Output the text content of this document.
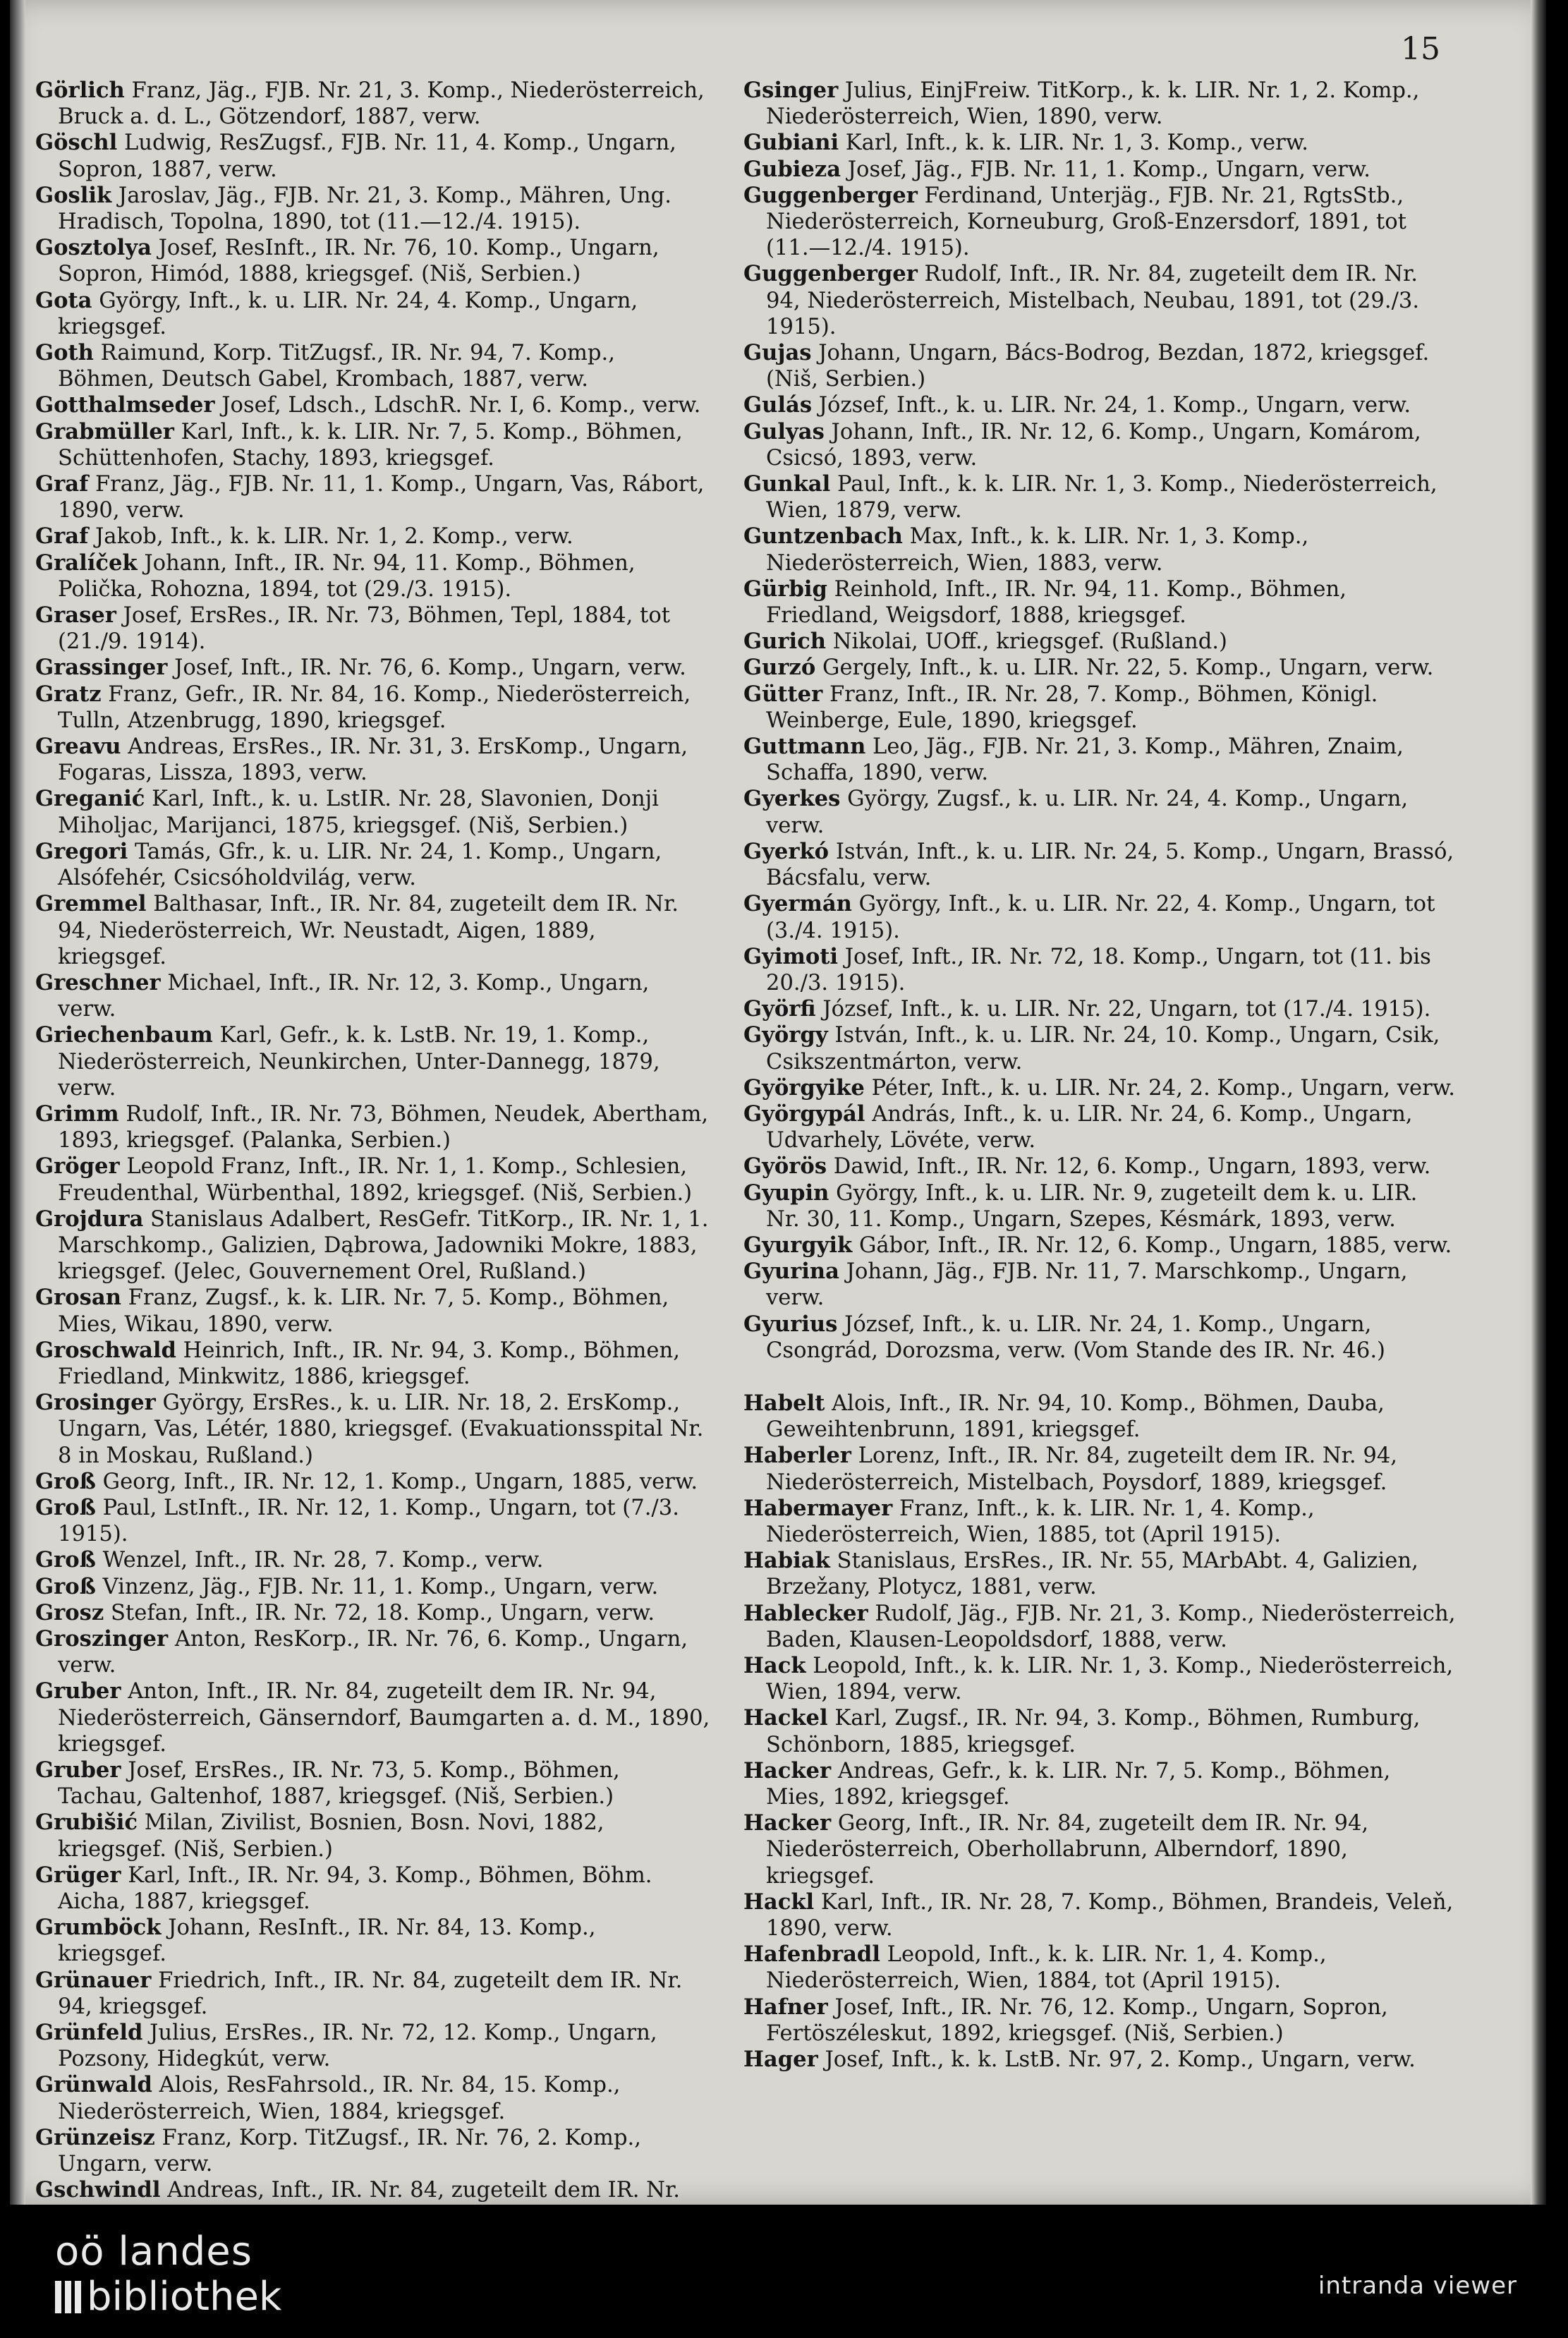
15

Görlich Franz, Jäg., FJB. Nr. 21, 3. Komp., Niederösterreich, Bruck a. d. L., Götzendorf, 1887, verw.

Göschl Ludwig, ResZugsf., FJB. Nr. 11, 4. Komp., Ungarn, Sopron, 1887, verw.

Goslik Jaroslav, Jäg., FJB. Nr. 21, 3. Komp., Mähren, Ung. Hradisch, Topolna, 1890, tot (11.—12./4. 1915).

Gosztolya Josef, ResInft., IR. Nr. 76, 10. Komp., Ungarn, Sopron, Himód, 1888, kriegsgef. (Niš, Serbien.)

Gota György, Inft., k. u. LIR. Nr. 24, 4. Komp., Ungarn, kriegsgef.

Goth Raimund, Korp. TitZugsf., IR. Nr. 94, 7. Komp., Böhmen, Deutsch Gabel, Krombach, 1887, verw.

Gotthalmseder Josef, Ldsch., LdschR. Nr. I, 6. Komp., verw.

Grabmüller Karl, Inft., k. k. LIR. Nr. 7, 5. Komp., Böhmen, Schüttenhofen, Stachy, 1893, kriegsgef.

Graf Franz, Jäg., FJB. Nr. 11, 1. Komp., Ungarn, Vas, Rábort, 1890, verw.

Graf Jakob, Inft., k. k. LIR. Nr. 1, 2. Komp., verw.

Gralíček Johann, Inft., IR. Nr. 94, 11. Komp., Böhmen, Polička, Rohozna, 1894, tot (29./3. 1915).

Graser Josef, ErsRes., IR. Nr. 73, Böhmen, Tepl, 1884, tot (21./9. 1914).

Grassinger Josef, Inft., IR. Nr. 76, 6. Komp., Ungarn, verw.

Gratz Franz, Gefr., IR. Nr. 84, 16. Komp., Niederösterreich, Tulln, Atzenbrugg, 1890, kriegsgef.

Greavu Andreas, ErsRes., IR. Nr. 31, 3. ErsKomp., Ungarn, Fogaras, Lissza, 1893, verw.

Greganić Karl, Inft., k. u. LstIR. Nr. 28, Slavonien, Donji Miholjac, Marijanci, 1875, kriegsgef. (Niš, Serbien.)

Gregori Tamás, Gfr., k. u. LIR. Nr. 24, 1. Komp., Ungarn, Alsófehér, Csicsóholdvilág, verw.

Gremmel Balthasar, Inft., IR. Nr. 84, zugeteilt dem IR. Nr. 94, Niederösterreich, Wr. Neustadt, Aigen, 1889, kriegsgef.

Greschner Michael, Inft., IR. Nr. 12, 3. Komp., Ungarn, verw.

Griechenbaum Karl, Gefr., k. k. LstB. Nr. 19, 1. Komp., Niederösterreich, Neunkirchen, Unter-Dannegg, 1879, verw.

Grimm Rudolf, Inft., IR. Nr. 73, Böhmen, Neudek, Abertham, 1893, kriegsgef. (Palanka, Serbien.)

Gröger Leopold Franz, Inft., IR. Nr. 1, 1. Komp., Schlesien, Freudenthal, Würbenthal, 1892, kriegsgef. (Niš, Serbien.)

Grojdura Stanislaus Adalbert, ResGefr. TitKorp., IR. Nr. 1, 1. Marschkomp., Galizien, Dąbrowa, Jadowniki Mokre, 1883, kriegsgef. (Jelec, Gouvernement Orel, Rußland.)

Grosan Franz, Zugsf., k. k. LIR. Nr. 7, 5. Komp., Böhmen, Mies, Wikau, 1890, verw.

Groschwald Heinrich, Inft., IR. Nr. 94, 3. Komp., Böhmen, Friedland, Minkwitz, 1886, kriegsgef.

Grosinger György, ErsRes., k. u. LIR. Nr. 18, 2. ErsKomp., Ungarn, Vas, Létér, 1880, kriegsgef. (Evakuationsspital Nr. 8 in Moskau, Rußland.)

Groß Georg, Inft., IR. Nr. 12, 1. Komp., Ungarn, 1885, verw.

Groß Paul, LstInft., IR. Nr. 12, 1. Komp., Ungarn, tot (7./3. 1915).

Groß Wenzel, Inft., IR. Nr. 28, 7. Komp., verw.

Groß Vinzenz, Jäg., FJB. Nr. 11, 1. Komp., Ungarn, verw.

Grosz Stefan, Inft., IR. Nr. 72, 18. Komp., Ungarn, verw.

Groszinger Anton, ResKorp., IR. Nr. 76, 6. Komp., Ungarn, verw.

Gruber Anton, Inft., IR. Nr. 84, zugeteilt dem IR. Nr. 94, Niederösterreich, Gänserndorf, Baumgarten a. d. M., 1890, kriegsgef.

Gruber Josef, ErsRes., IR. Nr. 73, 5. Komp., Böhmen, Tachau, Galtenhof, 1887, kriegsgef. (Niš, Serbien.)

Grubišić Milan, Zivilist, Bosnien, Bosn. Novi, 1882, kriegsgef. (Niš, Serbien.)

Grüger Karl, Inft., IR. Nr. 94, 3. Komp., Böhmen, Böhm. Aicha, 1887, kriegsgef.

Grumböck Johann, ResInft., IR. Nr. 84, 13. Komp., kriegsgef.

Grünauer Friedrich, Inft., IR. Nr. 84, zugeteilt dem IR. Nr. 94, kriegsgef.

Grünfeld Julius, ErsRes., IR. Nr. 72, 12. Komp., Ungarn, Pozsony, Hidegkút, verw.

Grünwald Alois, ResFahrsold., IR. Nr. 84, 15. Komp., Niederösterreich, Wien, 1884, kriegsgef.

Grünzeisz Franz, Korp. TitZugsf., IR. Nr. 76, 2. Komp., Ungarn, verw.

Gschwindl Andreas, Inft., IR. Nr. 84, zugeteilt dem IR. Nr.

Gsinger Julius, EinjFreiw. TitKorp., k. k. LIR. Nr. 1, 2. Komp., Niederösterreich, Wien, 1890, verw.

Gubiani Karl, Inft., k. k. LIR. Nr. 1, 3. Komp., verw.

Gubieza Josef, Jäg., FJB. Nr. 11, 1. Komp., Ungarn, verw.

Guggenberger Ferdinand, Unterjäg., FJB. Nr. 21, RgtsStb., Niederösterreich, Korneuburg, Groß-Enzersdorf, 1891, tot (11.—12./4. 1915).

Guggenberger Rudolf, Inft., IR. Nr. 84, zugeteilt dem IR. Nr. 94, Niederösterreich, Mistelbach, Neubau, 1891, tot (29./3. 1915).

Gujas Johann, Ungarn, Bács-Bodrog, Bezdan, 1872, kriegsgef. (Niš, Serbien.)

Gulás József, Inft., k. u. LIR. Nr. 24, 1. Komp., Ungarn, verw.

Gulyas Johann, Inft., IR. Nr. 12, 6. Komp., Ungarn, Komárom, Csicsó, 1893, verw.

Gunkal Paul, Inft., k. k. LIR. Nr. 1, 3. Komp., Niederösterreich, Wien, 1879, verw.

Guntzenbach Max, Inft., k. k. LIR. Nr. 1, 3. Komp., Niederösterreich, Wien, 1883, verw.

Gürbig Reinhold, Inft., IR. Nr. 94, 11. Komp., Böhmen, Friedland, Weigsdorf, 1888, kriegsgef.

Gurich Nikolai, UOff., kriegsgef. (Rußland.)

Gurzó Gergely, Inft., k. u. LIR. Nr. 22, 5. Komp., Ungarn, verw.

Gütter Franz, Inft., IR. Nr. 28, 7. Komp., Böhmen, Königl. Weinberge, Eule, 1890, kriegsgef.

Guttmann Leo, Jäg., FJB. Nr. 21, 3. Komp., Mähren, Znaim, Schaffa, 1890, verw.

Gyerkes György, Zugsf., k. u. LIR. Nr. 24, 4. Komp., Ungarn, verw.

Gyerkó István, Inft., k. u. LIR. Nr. 24, 5. Komp., Ungarn, Brassó, Bácsfalu, verw.

Gyermán György, Inft., k. u. LIR. Nr. 22, 4. Komp., Ungarn, tot (3./4. 1915).

Gyimoti Josef, Inft., IR. Nr. 72, 18. Komp., Ungarn, tot (11. bis 20./3. 1915).

Györfi József, Inft., k. u. LIR. Nr. 22, Ungarn, tot (17./4. 1915).

György István, Inft., k. u. LIR. Nr. 24, 10. Komp., Ungarn, Csik, Csikszentmárton, verw.

Györgyike Péter, Inft., k. u. LIR. Nr. 24, 2. Komp., Ungarn, verw.

Györgypál András, Inft., k. u. LIR. Nr. 24, 6. Komp., Ungarn, Udvarhely, Lövéte, verw.

Györös Dawid, Inft., IR. Nr. 12, 6. Komp., Ungarn, 1893, verw.

Gyupin György, Inft., k. u. LIR. Nr. 9, zugeteilt dem k. u. LIR. Nr. 30, 11. Komp., Ungarn, Szepes, Késmárk, 1893, verw.

Gyurgyik Gábor, Inft., IR. Nr. 12, 6. Komp., Ungarn, 1885, verw.

Gyurina Johann, Jäg., FJB. Nr. 11, 7. Marschkomp., Ungarn, verw.

Gyurius József, Inft., k. u. LIR. Nr. 24, 1. Komp., Ungarn, Csongrád, Dorozsma, verw. (Vom Stande des IR. Nr. 46.)

Habelt Alois, Inft., IR. Nr. 94, 10. Komp., Böhmen, Dauba, Geweihtenbrunn, 1891, kriegsgef.

Haberler Lorenz, Inft., IR. Nr. 84, zugeteilt dem IR. Nr. 94, Niederösterreich, Mistelbach, Poysdorf, 1889, kriegsgef.

Habermayer Franz, Inft., k. k. LIR. Nr. 1, 4. Komp., Niederösterreich, Wien, 1885, tot (April 1915).

Habiak Stanislaus, ErsRes., IR. Nr. 55, MArbAbt. 4, Galizien, Brzežany, Plotycz, 1881, verw.

Hablecker Rudolf, Jäg., FJB. Nr. 21, 3. Komp., Niederösterreich, Baden, Klausen-Leopoldsdorf, 1888, verw.

Hack Leopold, Inft., k. k. LIR. Nr. 1, 3. Komp., Niederösterreich, Wien, 1894, verw.

Hackel Karl, Zugsf., IR. Nr. 94, 3. Komp., Böhmen, Rumburg, Schönborn, 1885, kriegsgef.

Hacker Andreas, Gefr., k. k. LIR. Nr. 7, 5. Komp., Böhmen, Mies, 1892, kriegsgef.

Hacker Georg, Inft., IR. Nr. 84, zugeteilt dem IR. Nr. 94, Niederösterreich, Oberhollabrunn, Alberndorf, 1890, kriegsgef.

Hackl Karl, Inft., IR. Nr. 28, 7. Komp., Böhmen, Brandeis, Veleň, 1890, verw.

Hafenbradl Leopold, Inft., k. k. LIR. Nr. 1, 4. Komp., Niederösterreich, Wien, 1884, tot (April 1915).

Hafner Josef, Inft., IR. Nr. 76, 12. Komp., Ungarn, Sopron, Fertöszéleskut, 1892, kriegsgef. (Niš, Serbien.)

Hager Josef, Inft., k. k. LstB. Nr. 97, 2. Komp., Ungarn, verw.

oö landes
bibliothek	intranda viewer
